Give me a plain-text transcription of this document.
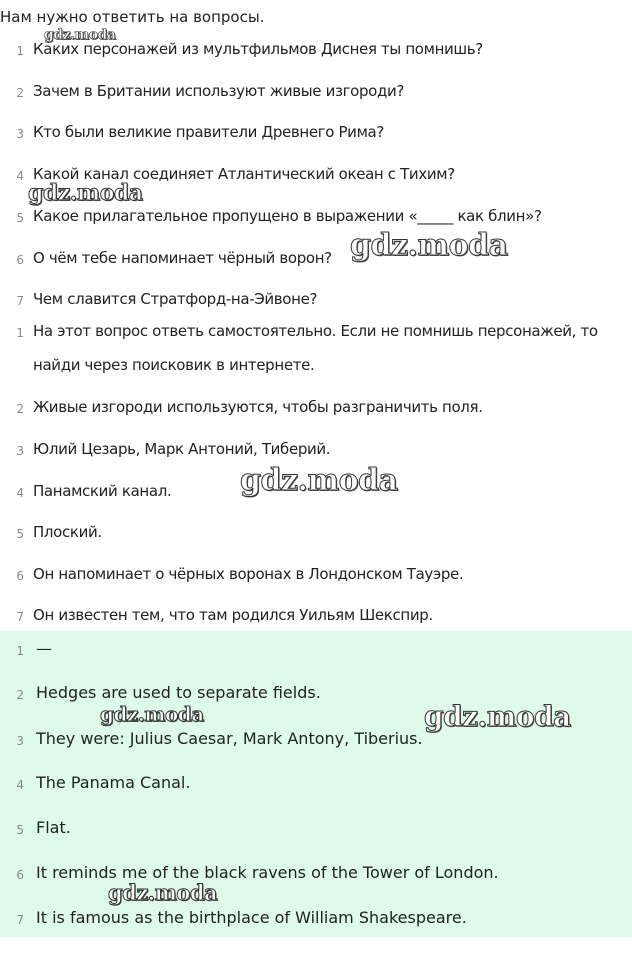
Нам нужно ответить на вопросы.
1 Каких персонажей из мультфильмов Диснея ты помнишь?
2 Зачем в Британии используют живые изгороди?
3 Кто были великие правители Древнего Рима?
4 Какой канал соединяет Атлантический океан с Тихим?
5 Какое прилагательное пропущено в выражении «_____ как блин»?
6 О чём тебе напоминает чёрный ворон?
7 Чем славится Стратфорд-на-Эйвоне?
1 На этот вопрос ответь самостоятельно. Если не помнишь персонажей, то найди через поисковик в интернете.
2 Живые изгороди используются, чтобы разграничить поля.
3 Юлий Цезарь, Марк Антоний, Тиберий.
4 Панамский канал.
5 Плоский.
6 Он напоминает о чёрных воронах в Лондонском Тауэре.
7 Он известен тем, что там родился Уильям Шекспир.
1 —
2 Hedges are used to separate fields.
3 They were: Julius Caesar, Mark Antony, Tiberius.
4 The Panama Canal.
5 Flat.
6 It reminds me of the black ravens of the Tower of London.
7 It is famous as the birthplace of William Shakespeare.
gdz.moda
gdz.moda
gdz.moda
gdz.moda
gdz.moda	gdz.moda
gdz.moda
